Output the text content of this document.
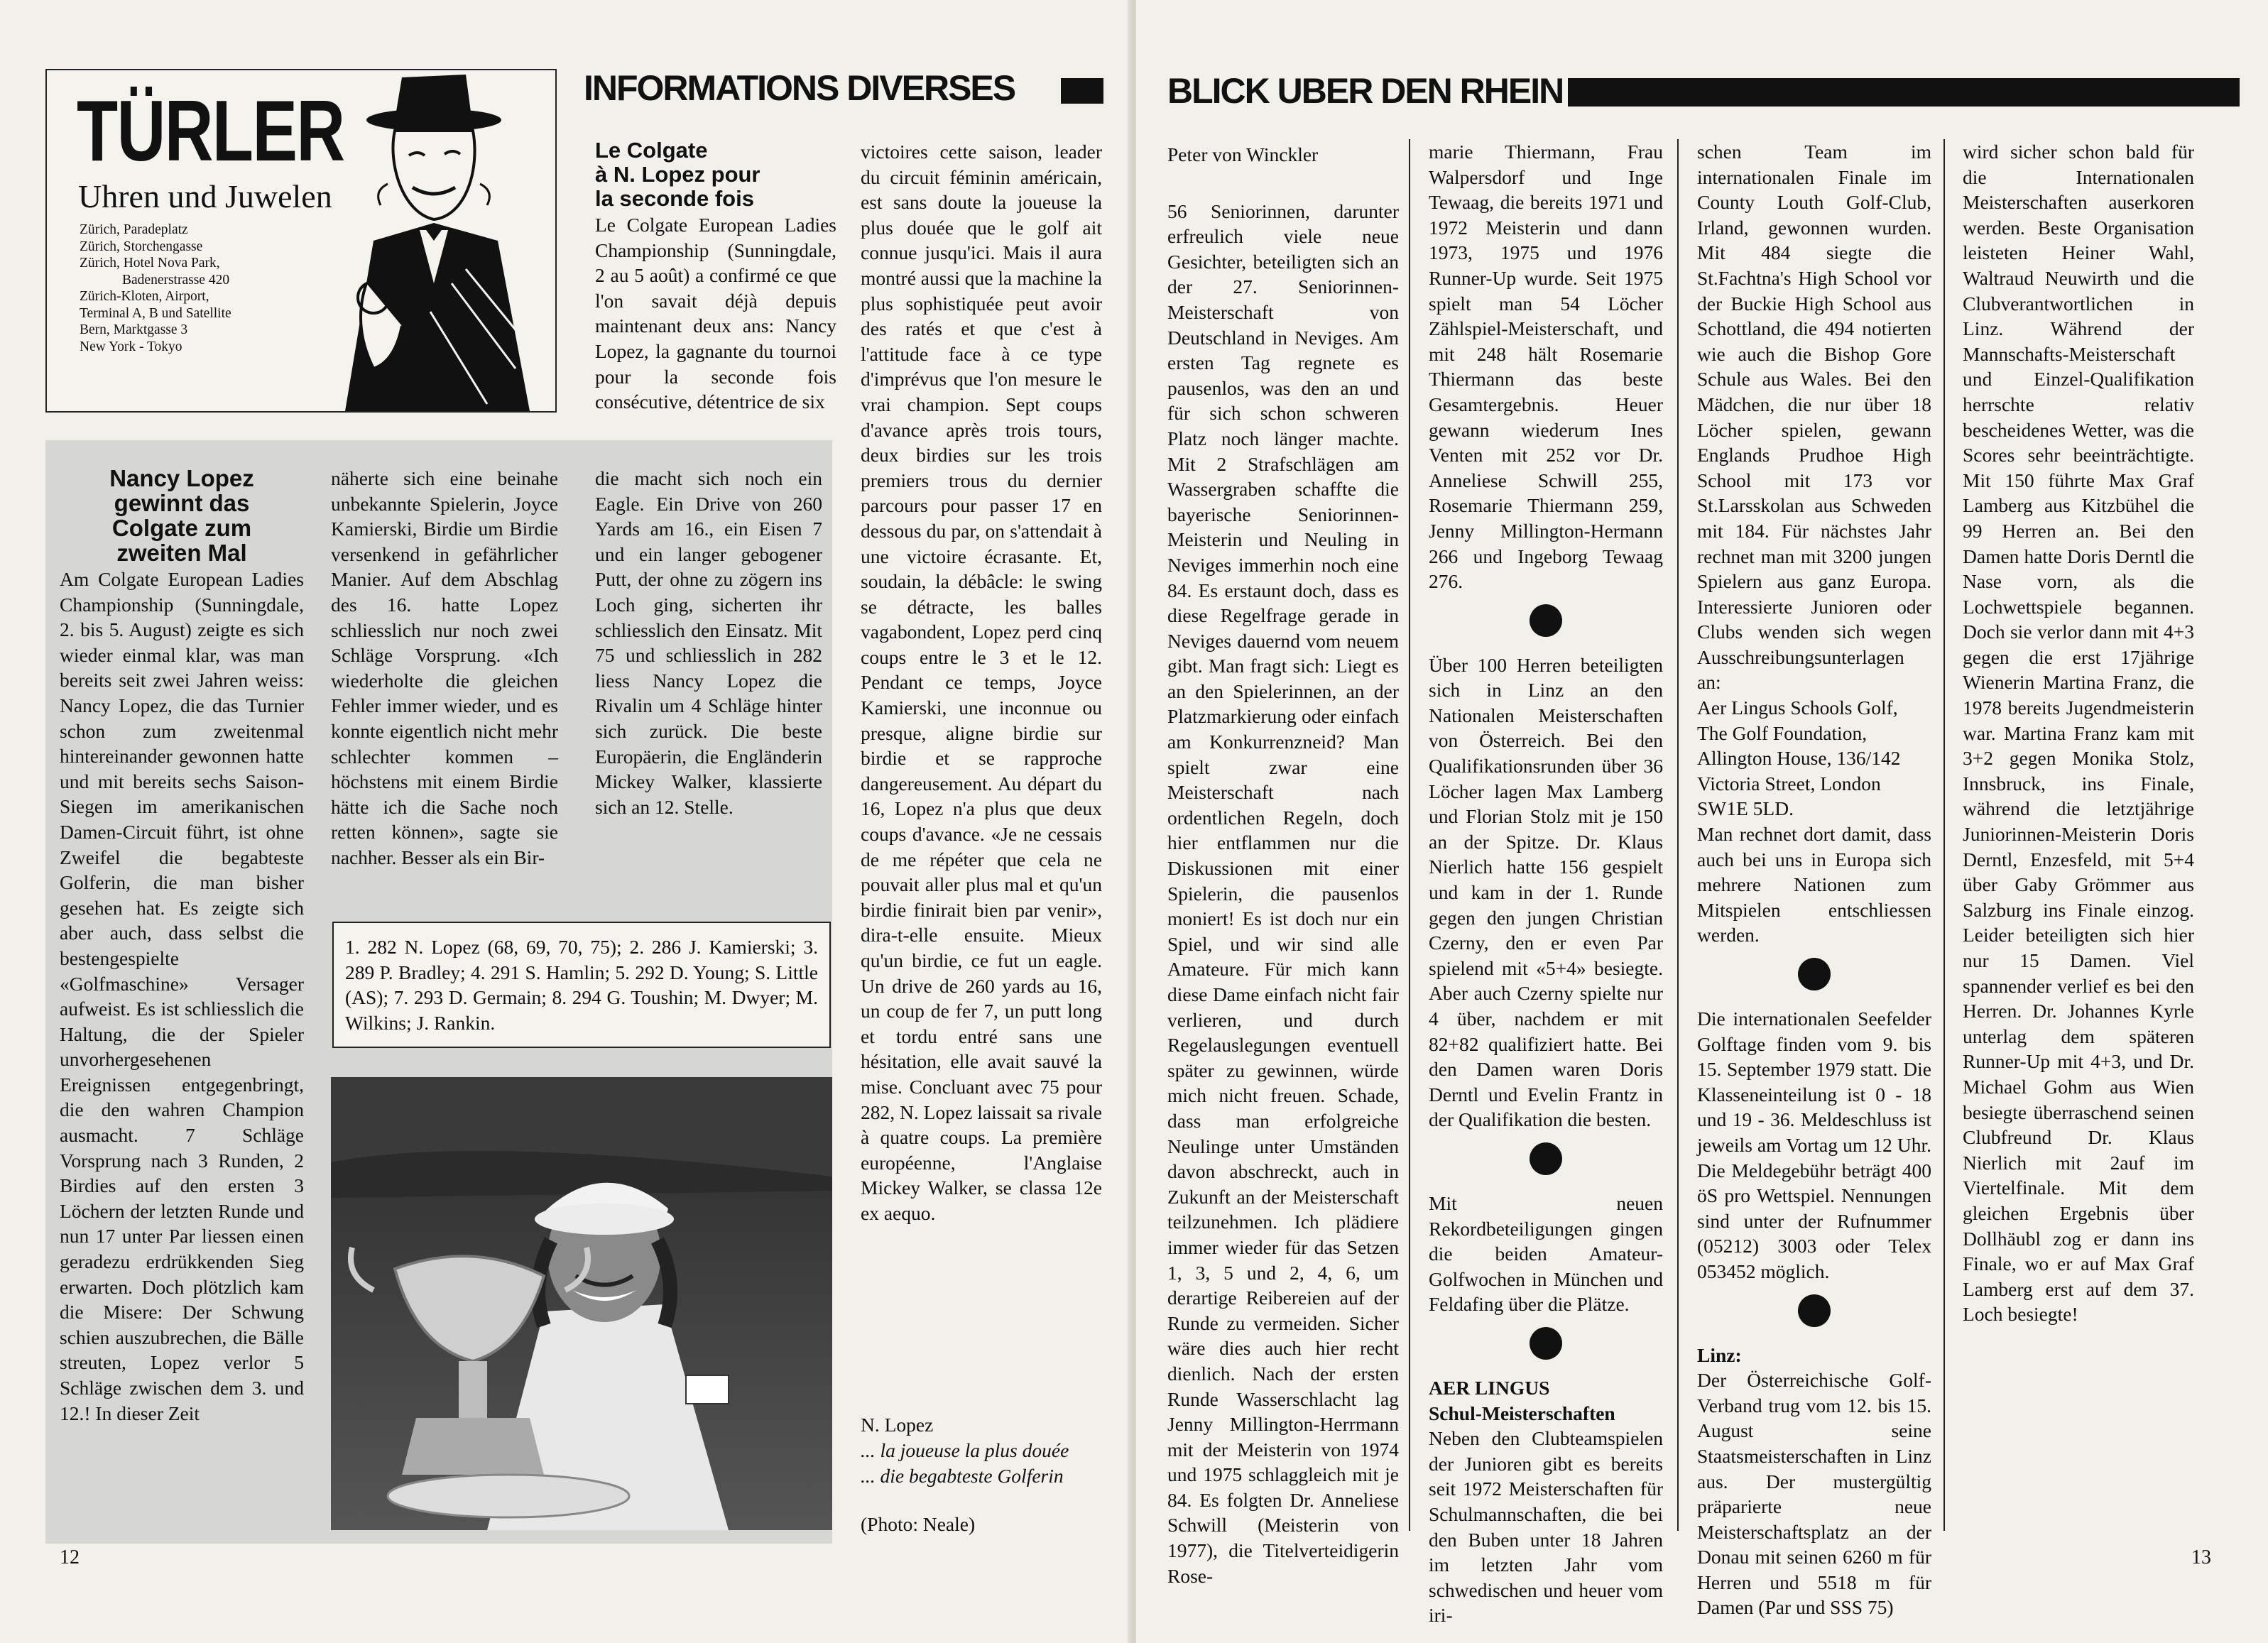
TÜRLER
Uhren und Juwelen
Zürich, Paradeplatz
Zürich, Storchengasse
Zürich, Hotel Nova Park,
Badenerstrasse 420
Zürich-Kloten, Airport,
Terminal A, B und Satellite
Bern, Marktgasse 3
New York - Tokyo
INFORMATIONS DIVERSES
Le Colgate
à N. Lopez pour
la seconde fois

Le Colgate European Ladies Championship (Sunningdale, 2 au 5 août) a confirmé ce que l'on savait déjà depuis maintenant deux ans: Nancy Lopez, la gagnante du tournoi pour la seconde fois consécutive, détentrice de six

victoires cette saison, leader du circuit féminin américain, est sans doute la joueuse la plus douée que le golf ait connue jusqu'ici. Mais il aura montré aussi que la machine la plus sophistiquée peut avoir des ratés et que c'est à l'attitude face à ce type d'imprévus que l'on mesure le vrai champion. Sept coups d'avance après trois tours, deux birdies sur les trois premiers trous du dernier parcours pour passer 17 en dessous du par, on s'attendait à une victoire écrasante. Et, soudain, la débâcle: le swing se détracte, les balles vagabondent, Lopez perd cinq coups entre le 3 et le 12. Pendant ce temps, Joyce Kamierski, une inconnue ou presque, aligne birdie sur birdie et se rapproche dangereusement. Au départ du 16, Lopez n'a plus que deux coups d'avance. «Je ne cessais de me répéter que cela ne pouvait aller plus mal et qu'un birdie finirait bien par venir», dira-t-elle ensuite. Mieux qu'un birdie, ce fut un eagle. Un drive de 260 yards au 16, un coup de fer 7, un putt long et tordu entré sans une hésitation, elle avait sauvé la mise. Concluant avec 75 pour 282, N. Lopez laissait sa rivale à quatre coups. La première européenne, l'Anglaise Mickey Walker, se classa 12e ex aequo.

Nancy Lopez
gewinnt das
Colgate zum
zweiten Mal

Am Colgate European Ladies Championship (Sunningdale, 2. bis 5. August) zeigte es sich wieder einmal klar, was man bereits seit zwei Jahren weiss: Nancy Lopez, die das Turnier schon zum zweitenmal hintereinander gewonnen hatte und mit bereits sechs Saison-Siegen im amerikanischen Damen-Circuit führt, ist ohne Zweifel die begabteste Golferin, die man bisher gesehen hat. Es zeigte sich aber auch, dass selbst die bestengespielte «Golfmaschine» Versager aufweist. Es ist schliesslich die Haltung, die der Spieler unvorhergesehenen Ereignissen entgegenbringt, die den wahren Champion ausmacht. 7 Schläge Vorsprung nach 3 Runden, 2 Birdies auf den ersten 3 Löchern der letzten Runde und nun 17 unter Par liessen einen geradezu erdrükkenden Sieg erwarten. Doch plötzlich kam die Misere: Der Schwung schien auszubrechen, die Bälle streuten, Lopez verlor 5 Schläge zwischen dem 3. und 12.! In dieser Zeit

näherte sich eine beinahe unbekannte Spielerin, Joyce Kamierski, Birdie um Birdie versenkend in gefährlicher Manier. Auf dem Abschlag des 16. hatte Lopez schliesslich nur noch zwei Schläge Vorsprung. «Ich wiederholte die gleichen Fehler immer wieder, und es konnte eigentlich nicht mehr schlechter kommen – höchstens mit einem Birdie hätte ich die Sache noch retten können», sagte sie nachher. Besser als ein Bir-

die macht sich noch ein Eagle. Ein Drive von 260 Yards am 16., ein Eisen 7 und ein langer gebogener Putt, der ohne zu zögern ins Loch ging, sicherten ihr schliesslich den Einsatz. Mit 75 und schliesslich in 282 liess Nancy Lopez die Rivalin um 4 Schläge hinter sich zurück. Die beste Europäerin, die Engländerin Mickey Walker, klassierte sich an 12. Stelle.

1. 282 N. Lopez (68, 69, 70, 75); 2. 286 J. Kamierski; 3. 289 P. Bradley; 4. 291 S. Hamlin; 5. 292 D. Young; S. Little (AS); 7. 293 D. Germain; 8. 294 G. Toushin; M. Dwyer; M. Wilkins; J. Rankin.
N. Lopez
... la joueuse la plus douée
... die begabteste Golferin
(Photo: Neale)
12
BLICK UBER DEN RHEIN

Peter von Winckler

56 Seniorinnen, darunter erfreulich viele neue Gesichter, beteiligten sich an der 27. Seniorinnen-Meisterschaft von Deutschland in Neviges. Am ersten Tag regnete es pausenlos, was den an und für sich schon schweren Platz noch länger machte. Mit 2 Strafschlägen am Wassergraben schaffte die bayerische Seniorinnen-Meisterin und Neuling in Neviges immerhin noch eine 84. Es erstaunt doch, dass es diese Regelfrage gerade in Neviges dauernd vom neuem gibt. Man fragt sich: Liegt es an den Spielerinnen, an der Platzmarkierung oder einfach am Konkurrenzneid? Man spielt zwar eine Meisterschaft nach ordentlichen Regeln, doch hier entflammen nur die Diskussionen mit einer Spielerin, die pausenlos moniert! Es ist doch nur ein Spiel, und wir sind alle Amateure. Für mich kann diese Dame einfach nicht fair verlieren, und durch Regelauslegungen eventuell später zu gewinnen, würde mich nicht freuen. Schade, dass man erfolgreiche Neulinge unter Umständen davon abschreckt, auch in Zukunft an der Meisterschaft teilzunehmen. Ich plädiere immer wieder für das Setzen 1, 3, 5 und 2, 4, 6, um derartige Reibereien auf der Runde zu vermeiden. Sicher wäre dies auch hier recht dienlich. Nach der ersten Runde Wasserschlacht lag Jenny Millington-Herrmann mit der Meisterin von 1974 und 1975 schlaggleich mit je 84. Es folgten Dr. Anneliese Schwill (Meisterin von 1977), die Titelverteidigerin Rose-

marie Thiermann, Frau Walpersdorf und Inge Tewaag, die bereits 1971 und 1972 Meisterin und dann 1973, 1975 und 1976 Runner-Up wurde. Seit 1975 spielt man 54 Löcher Zählspiel-Meisterschaft, und mit 248 hält Rosemarie Thiermann das beste Gesamtergebnis. Heuer gewann wiederum Ines Venten mit 252 vor Dr. Anneliese Schwill 255, Rosemarie Thiermann 259, Jenny Millington-Hermann 266 und Ingeborg Tewaag 276.

Über 100 Herren beteiligten sich in Linz an den Nationalen Meisterschaften von Österreich. Bei den Qualifikationsrunden über 36 Löcher lagen Max Lamberg und Florian Stolz mit je 150 an der Spitze. Dr. Klaus Nierlich hatte 156 gespielt und kam in der 1. Runde gegen den jungen Christian Czerny, den er even Par spielend mit «5+4» besiegte. Aber auch Czerny spielte nur 4 über, nachdem er mit 82+82 qualifiziert hatte. Bei den Damen waren Doris Derntl und Evelin Frantz in der Qualifikation die besten.

Mit neuen Rekordbeteiligungen gingen die beiden Amateur-Golfwochen in München und Feldafing über die Plätze.

AER LINGUS

Schul-Meisterschaften

Neben den Clubteamspielen der Junioren gibt es bereits seit 1972 Meisterschaften für Schulmannschaften, die bei den Buben unter 18 Jahren im letzten Jahr vom schwedischen und heuer vom iri-

schen Team im internationalen Finale im County Louth Golf-Club, Irland, gewonnen wurden. Mit 484 siegte die St.Fachtna's High School vor der Buckie High School aus Schottland, die 494 notierten wie auch die Bishop Gore Schule aus Wales. Bei den Mädchen, die nur über 18 Löcher spielen, gewann Englands Prudhoe High School mit 173 vor St.Larsskolan aus Schweden mit 184. Für nächstes Jahr rechnet man mit 3200 jungen Spielern aus ganz Europa. Interessierte Junioren oder Clubs wenden sich wegen Ausschreibungsunterlagen an:

Aer Lingus Schools Golf,
The Golf Foundation,
Allington House, 136/142
Victoria Street, London
SW1E 5LD.

Man rechnet dort damit, dass auch bei uns in Europa sich mehrere Nationen zum Mitspielen entschliessen werden.

Die internationalen Seefelder Golftage finden vom 9. bis 15. September 1979 statt. Die Klasseneinteilung ist 0 - 18 und 19 - 36. Meldeschluss ist jeweils am Vortag um 12 Uhr. Die Meldegebühr beträgt 400 öS pro Wettspiel. Nennungen sind unter der Rufnummer (05212) 3003 oder Telex 053452 möglich.

Linz:

Der Österreichische Golf-Verband trug vom 12. bis 15. August seine Staatsmeisterschaften in Linz aus. Der mustergültig präparierte neue Meisterschaftsplatz an der Donau mit seinen 6260 m für Herren und 5518 m für Damen (Par und SSS 75)

wird sicher schon bald für die Internationalen Meisterschaften auserkoren werden. Beste Organisation leisteten Heiner Wahl, Waltraud Neuwirth und die Clubverantwortlichen in Linz. Während der Mannschafts-Meisterschaft und Einzel-Qualifikation herrschte relativ bescheidenes Wetter, was die Scores sehr beeinträchtigte. Mit 150 führte Max Graf Lamberg aus Kitzbühel die 99 Herren an. Bei den Damen hatte Doris Derntl die Nase vorn, als die Lochwettspiele begannen. Doch sie verlor dann mit 4+3 gegen die erst 17jährige Wienerin Martina Franz, die 1978 bereits Jugendmeisterin war. Martina Franz kam mit 3+2 gegen Monika Stolz, Innsbruck, ins Finale, während die letztjährige Juniorinnen-Meisterin Doris Derntl, Enzesfeld, mit 5+4 über Gaby Grömmer aus Salzburg ins Finale einzog. Leider beteiligten sich hier nur 15 Damen. Viel spannender verlief es bei den Herren. Dr. Johannes Kyrle unterlag dem späteren Runner-Up mit 4+3, und Dr. Michael Gohm aus Wien besiegte überraschend seinen Clubfreund Dr. Klaus Nierlich mit 2auf im Viertelfinale. Mit dem gleichen Ergebnis über Dollhäubl zog er dann ins Finale, wo er auf Max Graf Lamberg erst auf dem 37. Loch besiegte!

13
